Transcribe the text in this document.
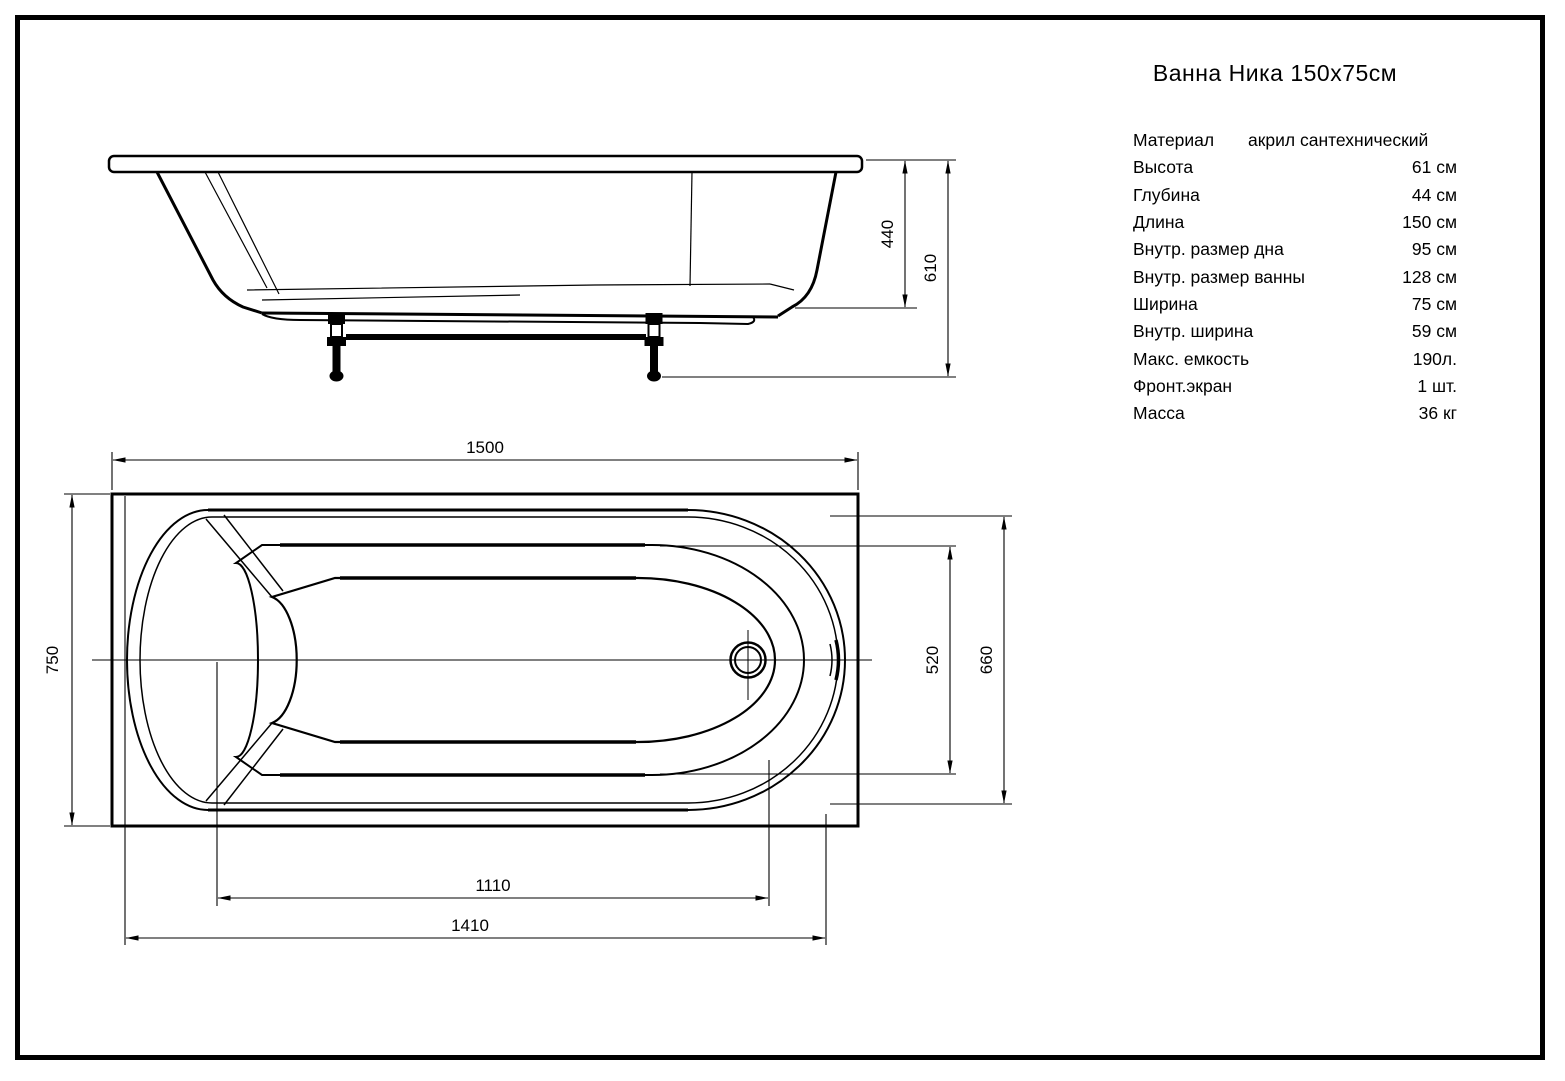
440
610
1500
750	520 660
1110
1410
Ванна Ника 150х75см
Материал	акрил сантехнический
Высота	61 см
Глубина	44 см
Длина	150 см
Внутр. размер дна	95 см
Внутр. размер ванны	128 см
Ширина	75 см
Внутр. ширина	59 см
Макс. емкость	190л.
Фронт.экран	1 шт.
Масса	36 кг
